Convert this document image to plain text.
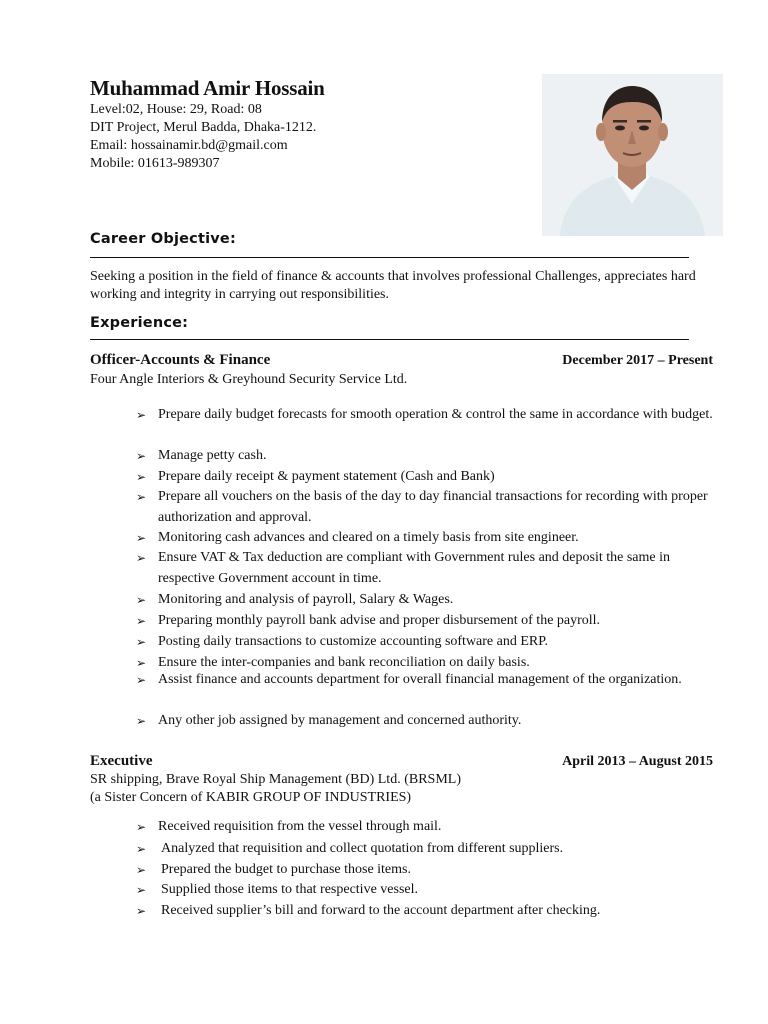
Muhammad Amir Hossain
Level:02, House: 29, Road: 08
DIT Project, Merul Badda, Dhaka-1212.
Email: hossainamir.bd@gmail.com
Mobile: 01613-989307
Career Objective:
Seeking a position in the field of finance & accounts that involves professional Challenges, appreciates hard working and integrity in carrying out responsibilities.
Experience:
Officer-Accounts & Finance	December 2017 – Present
Four Angle Interiors & Greyhound Security Service Ltd.
➢ Prepare daily budget forecasts for smooth operation & control the same in accordance with budget.
➢ Manage petty cash.
➢ Prepare daily receipt & payment statement (Cash and Bank)
➢ Prepare all vouchers on the basis of the day to day financial transactions for recording with proper authorization and approval.
➢ Monitoring cash advances and cleared on a timely basis from site engineer.
➢ Ensure VAT & Tax deduction are compliant with Government rules and deposit the same in respective Government account in time.
➢ Monitoring and analysis of payroll, Salary & Wages.
➢ Preparing monthly payroll bank advise and proper disbursement of the payroll.
➢ Posting daily transactions to customize accounting software and ERP.
➢ Ensure the inter-companies and bank reconciliation on daily basis.
➢ Assist finance and accounts department for overall financial management of the organization.
➢ Any other job assigned by management and concerned authority.
Executive	April 2013 – August 2015
SR shipping, Brave Royal Ship Management (BD) Ltd. (BRSML)
(a Sister Concern of KABIR GROUP OF INDUSTRIES)
➢ Received requisition from the vessel through mail.
➢ Analyzed that requisition and collect quotation from different suppliers.
➢ Prepared the budget to purchase those items.
➢ Supplied those items to that respective vessel.
➢ Received supplier’s bill and forward to the account department after checking.
